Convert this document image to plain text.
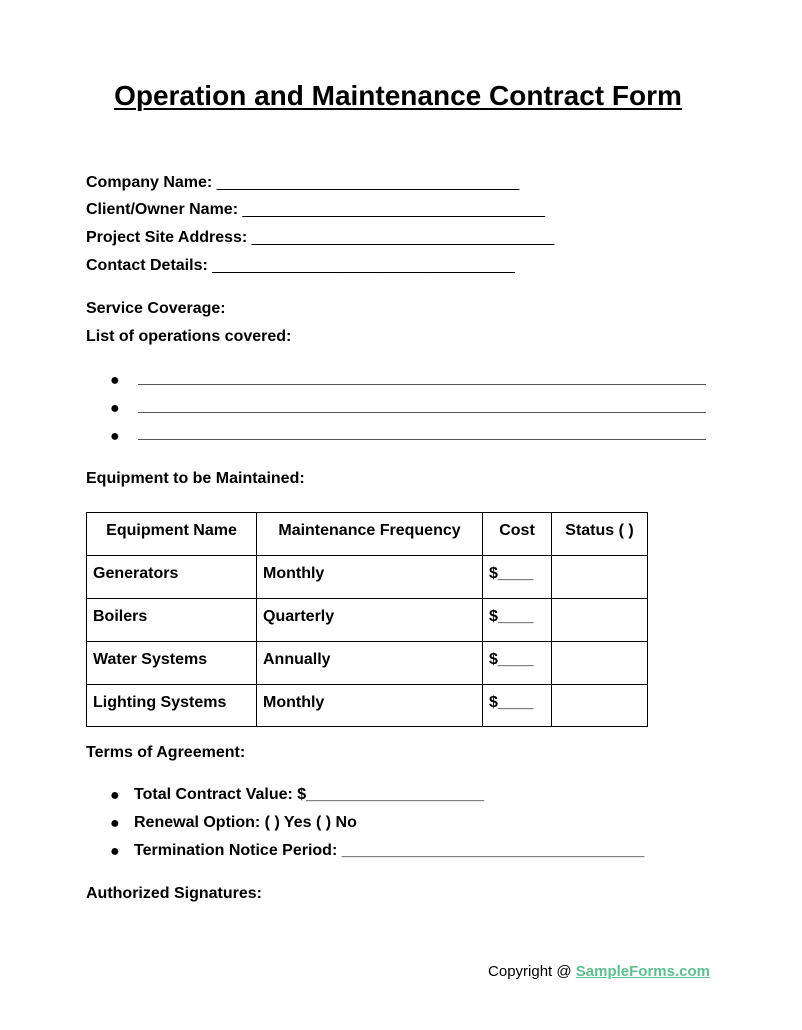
Operation and Maintenance Contract Form
Company Name: __________________________________
Client/Owner Name: __________________________________
Project Site Address: __________________________________
Contact Details: __________________________________
Service Coverage:
List of operations covered:
●
●
●
Equipment to be Maintained:
Equipment Name	Maintenance Frequency	Cost	Status ( )
Generators	Monthly	$____	
Boilers	Quarterly	$____	
Water Systems	Annually	$____	
Lighting Systems	Monthly	$____	
Terms of Agreement:
● Total Contract Value: $____________________
● Renewal Option: ( ) Yes ( ) No
● Termination Notice Period: __________________________________
Authorized Signatures:
Copyright @ SampleForms.com
